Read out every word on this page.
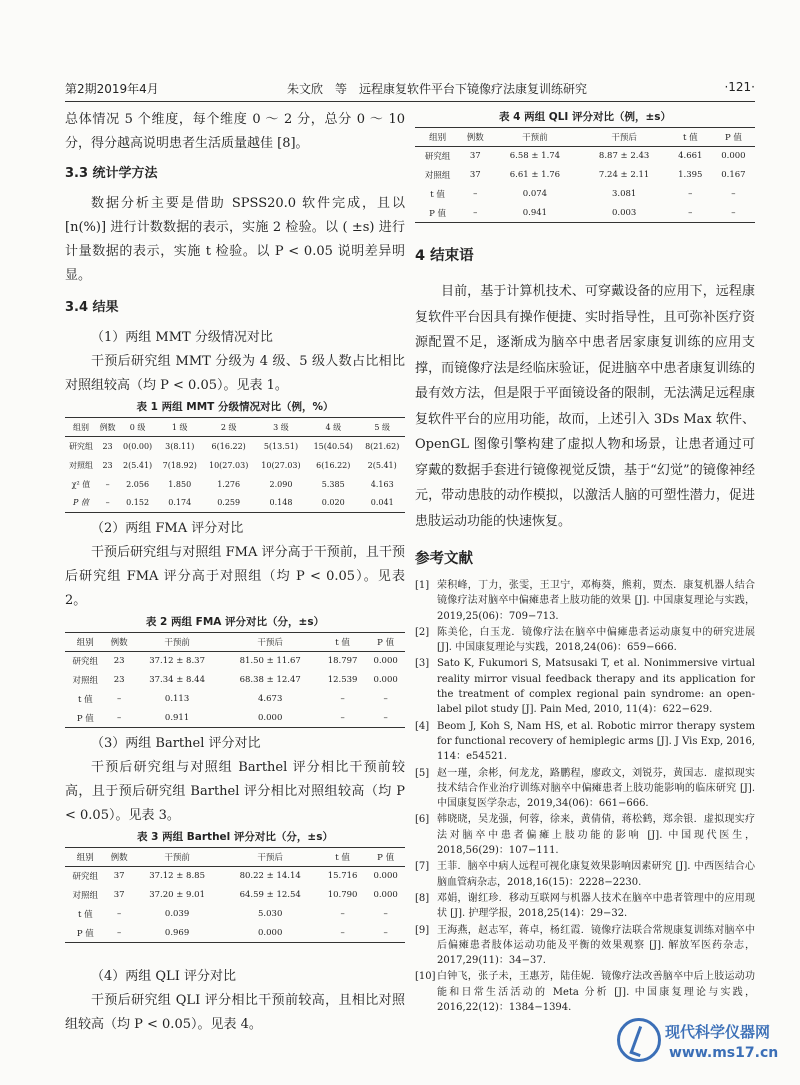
第2期2019年4月	朱文欣　等　远程康复软件平台下镜像疗法康复训练研究	·121·

总体情况 5 个维度，每个维度 0 ～ 2 分，总分 0 ～ 10 分，得分越高说明患者生活质量越佳 [8]。

3.3 统计学方法

数据分析主要是借助 SPSS20.0 软件完成，且以 [n(%)] 进行计数数据的表示，实施 2 检验。以 ( ±s) 进行计量数据的表示，实施 t 检验。以 P < 0.05 说明差异明显。

3.4 结果

（1）两组 MMT 分级情况对比

干预后研究组 MMT 分级为 4 级、5 级人数占比相比对照组较高（均 P < 0.05）。见表 1。

表 1 两组 MMT 分级情况对比（例，%）
组别	例数	0 级	1 级	2 级	3 级	4 级	5 级
研究组	23	0(0.00)	3(8.11)	6(16.22)	5(13.51)	15(40.54)	8(21.62)
对照组	23	2(5.41)	7(18.92)	10(27.03)	10(27.03)	6(16.22)	2(5.41)
χ² 值	–	2.056	1.850	1.276	2.090	5.385	4.163
P 值	–	0.152	0.174	0.259	0.148	0.020	0.041

（2）两组 FMA 评分对比

干预后研究组与对照组 FMA 评分高于干预前，且干预后研究组 FMA 评分高于对照组（均 P < 0.05）。见表 2。

表 2 两组 FMA 评分对比（分，±s）
组别	例数	干预前	干预后	t 值	P 值
研究组	23	37.12 ± 8.37	81.50 ± 11.67	18.797	0.000
对照组	23	37.34 ± 8.44	68.38 ± 12.47	12.539	0.000
t 值	–	0.113	4.673	–	–
P 值	–	0.911	0.000	–	–

（3）两组 Barthel 评分对比

干预后研究组与对照组 Barthel 评分相比干预前较高，且于预后研究组 Barthel 评分相比对照组较高（均 P < 0.05）。见表 3。

表 3 两组 Barthel 评分对比（分，±s）
组别	例数	干预前	干预后	t 值	P 值
研究组	37	37.12 ± 8.85	80.22 ± 14.14	15.716	0.000
对照组	37	37.20 ± 9.01	64.59 ± 12.54	10.790	0.000
t 值	–	0.039	5.030	–	–
P 值	–	0.969	0.000	–	–

（4）两组 QLI 评分对比

干预后研究组 QLI 评分相比干预前较高，且相比对照组较高（均 P < 0.05）。见表 4。

表 4 两组 QLI 评分对比（例，±s）
组别	例数	干预前	干预后	t 值	P 值
研究组	37	6.58 ± 1.74	8.87 ± 2.43	4.661	0.000
对照组	37	6.61 ± 1.76	7.24 ± 2.11	1.395	0.167
t 值	–	0.074	3.081	–	–
P 值	–	0.941	0.003	–	–
4 结束语

目前，基于计算机技术、可穿戴设备的应用下，远程康复软件平台因具有操作便捷、实时指导性，且可弥补医疗资源配置不足，逐渐成为脑卒中患者居家康复训练的应用支撑，而镜像疗法是经临床验证，促进脑卒中患者康复训练的最有效方法，但是限于平面镜设备的限制，无法满足远程康复软件平台的应用功能，故而，上述引入 3Ds Max 软件、OpenGL 图像引擎构建了虚拟人物和场景，让患者通过可穿戴的数据手套进行镜像视觉反馈，基于“幻觉”的镜像神经元，带动患肢的动作模拟，以激活人脑的可塑性潜力，促进患肢运动功能的快速恢复。

参考文献
[1] 荣积峰，丁力，张雯，王卫宁，邓梅葵，熊莉，贾杰．康复机器人结合镜像疗法对脑卒中偏瘫患者上肢功能的效果 [J]. 中国康复理论与实践，2019,25(06)：709−713.
[2] 陈美伦，白玉龙．镜像疗法在脑卒中偏瘫患者运动康复中的研究进展 [J]. 中国康复理论与实践，2018,24(06)：659−666.
[3] Sato K, Fukumori S, Matsusaki T, et al. Nonimmersive virtual reality mirror visual feedback therapy and its application for the treatment of complex regional pain syndrome: an open-label pilot study [J]. Pain Med, 2010, 11(4)：622−629.
[4] Beom J, Koh S, Nam HS, et al. Robotic mirror therapy system for functional recovery of hemiplegic arms [J]. J Vis Exp, 2016, 114：e54521.
[5] 赵一瑾，余彬，何龙龙，路鹏程，廖政文，刘锐芬，黄国志．虚拟现实技术结合作业治疗训练对脑卒中偏瘫患者上肢功能影响的临床研究 [J]. 中国康复医学杂志，2019,34(06)：661−666.
[6] 韩晓晓，吴龙强，何蓉，徐来，黄倩倩，蒋松鹤，郑余银．虚拟现实疗法对脑卒中患者偏瘫上肢功能的影响 [J]. 中国现代医生，2018,56(29)：107−111.
[7] 王菲．脑卒中病人远程可视化康复效果影响因素研究 [J]. 中西医结合心脑血管病杂志，2018,16(15)：2228−2230.
[8] 邓娟，谢红珍．移动互联网与机器人技术在脑卒中患者管理中的应用现状 [J]. 护理学报，2018,25(14)：29−32.
[9] 王海燕，赵志军，蒋卓，杨红霞．镜像疗法联合常规康复训练对脑卒中后偏瘫患者肢体运动功能及平衡的效果观察 [J]. 解放军医药杂志，2017,29(11)：34−37.
[10] 白钟飞，张子未，王惠芳，陆佳妮．镜像疗法改善脑卒中后上肢运动功能和日常生活活动的 Meta 分析 [J]. 中国康复理论与实践，2016,22(12)：1384−1394.
现代科学仪器网
www.ms17.cn
